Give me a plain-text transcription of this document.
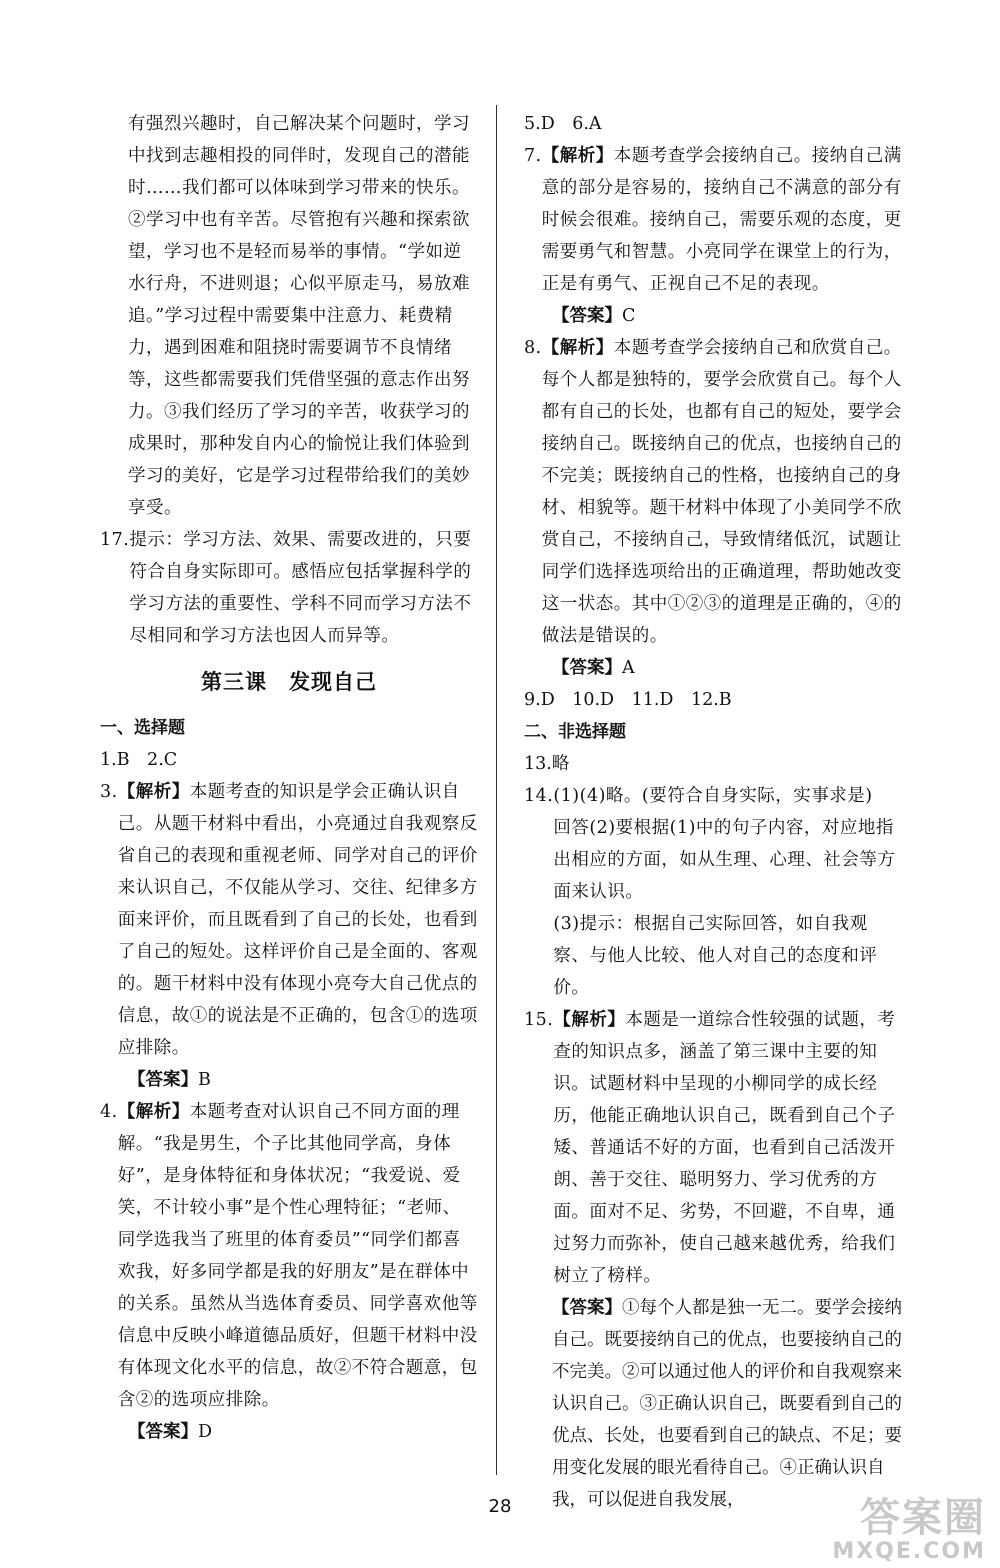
有强烈兴趣时，自己解决某个问题时，学习中找到志趣相投的同伴时，发现自己的潜能时……我们都可以体味到学习带来的快乐。②学习中也有辛苦。尽管抱有兴趣和探索欲望，学习也不是轻而易举的事情。“学如逆水行舟，不进则退；心似平原走马，易放难追。”学习过程中需要集中注意力、耗费精力，遇到困难和阻挠时需要调节不良情绪等，这些都需要我们凭借坚强的意志作出努力。③我们经历了学习的辛苦，收获学习的成果时，那种发自内心的愉悦让我们体验到学习的美好，它是学习过程带给我们的美妙享受。

17. 提示：学习方法、效果、需要改进的，只要符合自身实际即可。感悟应包括掌握科学的学习方法的重要性、学科不同而学习方法不尽相同和学习方法也因人而异等。

第三课　发现自己
一、选择题
1.B　2.C

3. 【解析】本题考查的知识是学会正确认识自己。从题干材料中看出，小亮通过自我观察反省自己的表现和重视老师、同学对自己的评价来认识自己，不仅能从学习、交往、纪律多方面来评价，而且既看到了自己的长处，也看到了自己的短处。这样评价自己是全面的、客观的。题干材料中没有体现小亮夸大自己优点的信息，故①的说法是不正确的，包含①的选项应排除。

【答案】B

4. 【解析】本题考查对认识自己不同方面的理解。“我是男生，个子比其他同学高，身体好”，是身体特征和身体状况；“我爱说、爱笑，不计较小事”是个性心理特征；“老师、同学选我当了班里的体育委员”“同学们都喜欢我，好多同学都是我的好朋友”是在群体中的关系。虽然从当选体育委员、同学喜欢他等信息中反映小峰道德品质好，但题干材料中没有体现文化水平的信息，故②不符合题意，包含②的选项应排除。

【答案】D
5.D　6.A

7. 【解析】本题考查学会接纳自己。接纳自己满意的部分是容易的，接纳自己不满意的部分有时候会很难。接纳自己，需要乐观的态度，更需要勇气和智慧。小亮同学在课堂上的行为，正是有勇气、正视自己不足的表现。

【答案】C

8. 【解析】本题考查学会接纳自己和欣赏自己。每个人都是独特的，要学会欣赏自己。每个人都有自己的长处，也都有自己的短处，要学会接纳自己。既接纳自己的优点，也接纳自己的不完美；既接纳自己的性格，也接纳自己的身材、相貌等。题干材料中体现了小美同学不欣赏自己，不接纳自己，导致情绪低沉，试题让同学们选择选项给出的正确道理，帮助她改变这一状态。其中①②③的道理是正确的，④的做法是错误的。

【答案】A
9.D　10.D　11.D　12.B
二、非选择题
13.略

14. (1)(4)略。(要符合自身实际，实事求是)
回答(2)要根据(1)中的句子内容，对应地指出相应的方面，如从生理、心理、社会等方面来认识。
(3)提示：根据自己实际回答，如自我观察、与他人比较、他人对自己的态度和评价。

15. 【解析】本题是一道综合性较强的试题，考查的知识点多，涵盖了第三课中主要的知识。试题材料中呈现的小柳同学的成长经历，他能正确地认识自己，既看到自己个子矮、普通话不好的方面，也看到自己活泼开朗、善于交往、聪明努力、学习优秀的方面。面对不足、劣势，不回避，不自卑，通过努力而弥补，使自己越来越优秀，给我们树立了榜样。

【答案】①每个人都是独一无二。要学会接纳自己。既要接纳自己的优点，也要接纳自己的不完美。②可以通过他人的评价和自我观察来认识自己。③正确认识自己，既要看到自己的优点、长处，也要看到自己的缺点、不足；要用变化发展的眼光看待自己。④正确认识自我，可以促进自我发展，
28	答案圈
MXQE.COM
